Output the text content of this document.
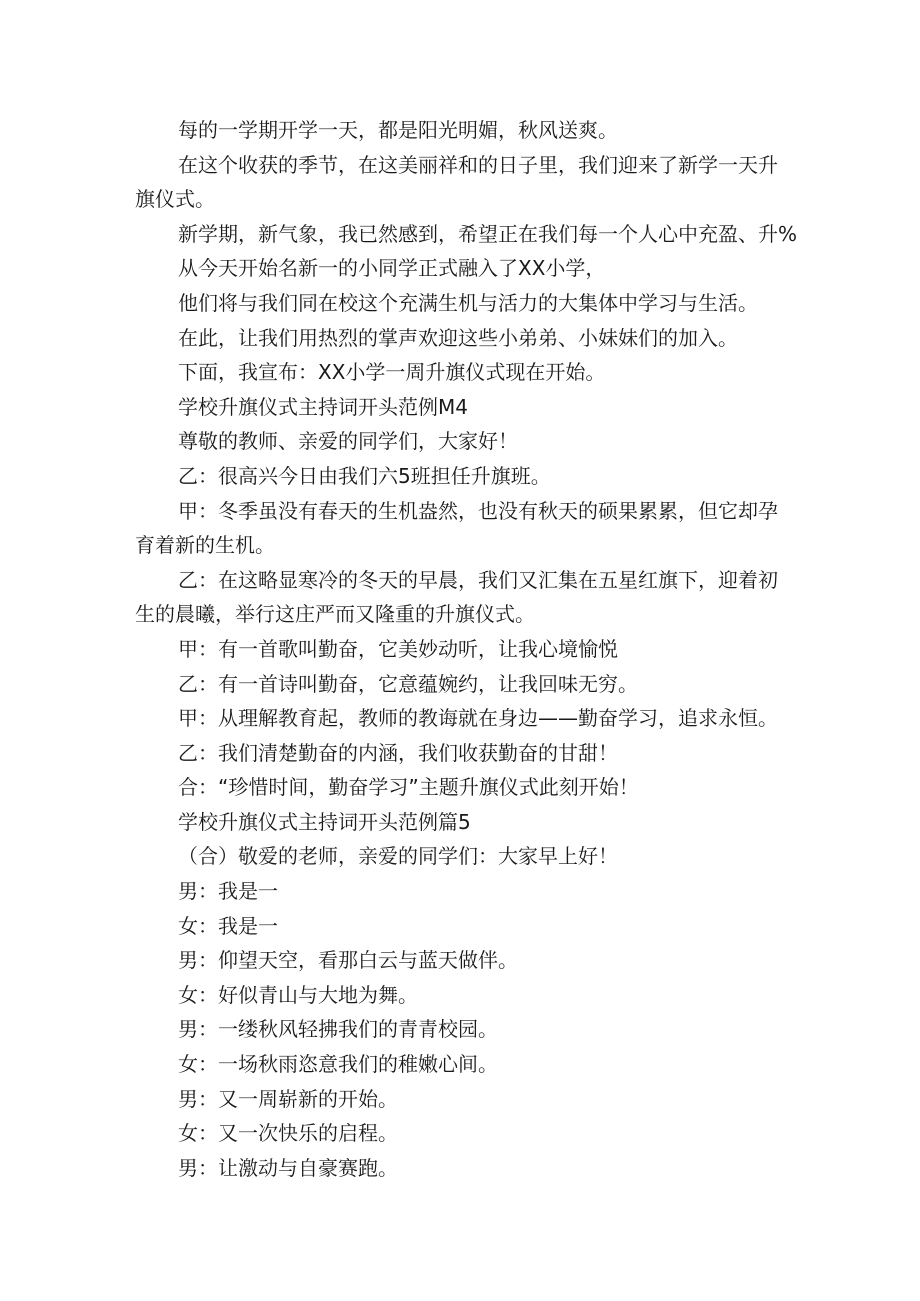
每的一学期开学一天，都是阳光明媚，秋风送爽。

在这个收获的季节，在这美丽祥和的日子里，我们迎来了新学一天升

旗仪式。

新学期，新气象，我已然感到，希望正在我们每一个人心中充盈、升%

从今天开始名新一的小同学正式融入了XX小学，

他们将与我们同在校这个充满生机与活力的大集体中学习与生活。

在此，让我们用热烈的掌声欢迎这些小弟弟、小妹妹们的加入。

下面，我宣布：XX小学一周升旗仪式现在开始。

学校升旗仪式主持词开头范例M4

尊敬的教师、亲爱的同学们，大家好！

乙：很高兴今日由我们六5班担任升旗班。

甲：冬季虽没有春天的生机盎然，也没有秋天的硕果累累，但它却孕

育着新的生机。

乙：在这略显寒冷的冬天的早晨，我们又汇集在五星红旗下，迎着初

生的晨曦，举行这庄严而又隆重的升旗仪式。

甲：有一首歌叫勤奋，它美妙动听，让我心境愉悦

乙：有一首诗叫勤奋，它意蕴婉约，让我回味无穷。

甲：从理解教育起，教师的教诲就在身边——勤奋学习，追求永恒。

乙：我们清楚勤奋的内涵，我们收获勤奋的甘甜！

合：“珍惜时间，勤奋学习”主题升旗仪式此刻开始！

学校升旗仪式主持词开头范例篇5

（合）敬爱的老师，亲爱的同学们：大家早上好！

男：我是一

女：我是一

男：仰望天空，看那白云与蓝天做伴。

女：好似青山与大地为舞。

男：一缕秋风轻拂我们的青青校园。

女：一场秋雨恣意我们的稚嫩心间。

男：又一周崭新的开始。

女：又一次快乐的启程。

男：让激动与自豪赛跑。
